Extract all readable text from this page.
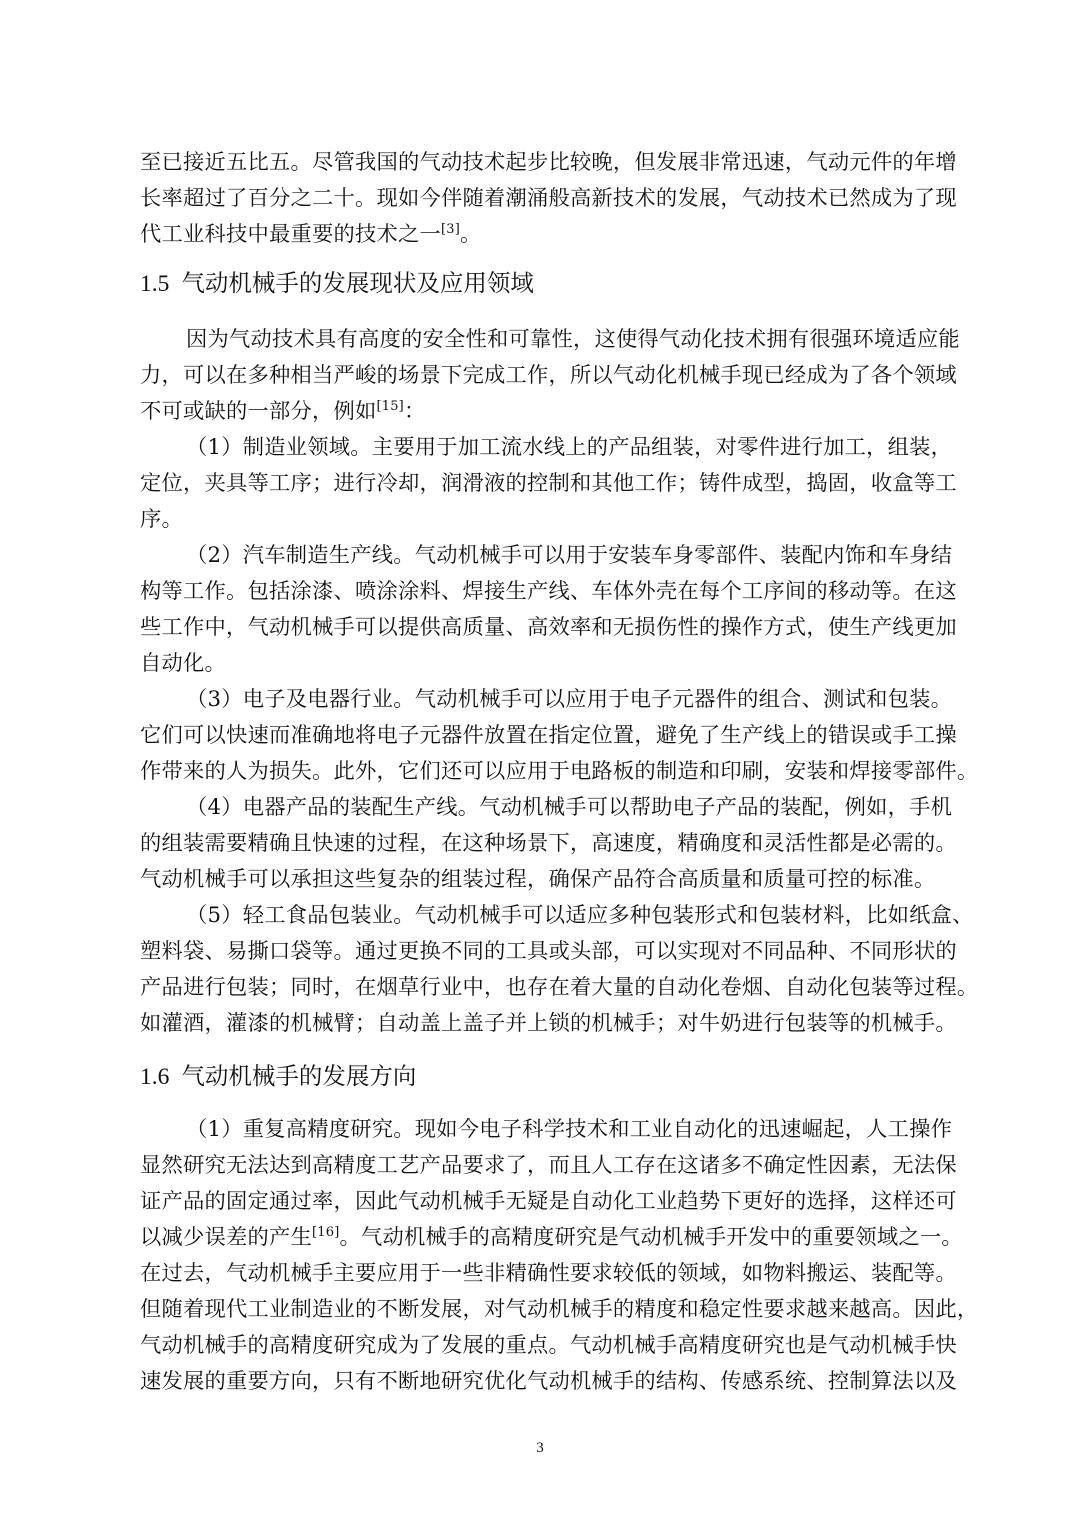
至已接近五比五。尽管我国的气动技术起步比较晚，但发展非常迅速，气动元件的年增
长率超过了百分之二十。现如今伴随着潮涌般高新技术的发展，气动技术已然成为了现
代工业科技中最重要的技术之一[3]。
1.5 气动机械手的发展现状及应用领域
因为气动技术具有高度的安全性和可靠性，这使得气动化技术拥有很强环境适应能
力，可以在多种相当严峻的场景下完成工作，所以气动化机械手现已经成为了各个领域
不可或缺的一部分，例如[15]：
（1）制造业领域。主要用于加工流水线上的产品组装，对零件进行加工，组装，
定位，夹具等工序；进行冷却，润滑液的控制和其他工作；铸件成型，捣固，收盒等工
序。
（2）汽车制造生产线。气动机械手可以用于安装车身零部件、装配内饰和车身结
构等工作。包括涂漆、喷涂涂料、焊接生产线、车体外壳在每个工序间的移动等。在这
些工作中，气动机械手可以提供高质量、高效率和无损伤性的操作方式，使生产线更加
自动化。
（3）电子及电器行业。气动机械手可以应用于电子元器件的组合、测试和包装。
它们可以快速而准确地将电子元器件放置在指定位置，避免了生产线上的错误或手工操
作带来的人为损失。此外，它们还可以应用于电路板的制造和印刷，安装和焊接零部件。
（4）电器产品的装配生产线。气动机械手可以帮助电子产品的装配，例如，手机
的组装需要精确且快速的过程，在这种场景下，高速度，精确度和灵活性都是必需的。
气动机械手可以承担这些复杂的组装过程，确保产品符合高质量和质量可控的标准。
（5）轻工食品包装业。气动机械手可以适应多种包装形式和包装材料，比如纸盒、
塑料袋、易撕口袋等。通过更换不同的工具或头部，可以实现对不同品种、不同形状的
产品进行包装；同时，在烟草行业中，也存在着大量的自动化卷烟、自动化包装等过程。
如灌酒，灌漆的机械臂；自动盖上盖子并上锁的机械手；对牛奶进行包装等的机械手。
1.6 气动机械手的发展方向
（1）重复高精度研究。现如今电子科学技术和工业自动化的迅速崛起，人工操作
显然研究无法达到高精度工艺产品要求了，而且人工存在这诸多不确定性因素，无法保
证产品的固定通过率，因此气动机械手无疑是自动化工业趋势下更好的选择，这样还可
以减少误差的产生[16]。气动机械手的高精度研究是气动机械手开发中的重要领域之一。
在过去，气动机械手主要应用于一些非精确性要求较低的领域，如物料搬运、装配等。
但随着现代工业制造业的不断发展，对气动机械手的精度和稳定性要求越来越高。因此，
气动机械手的高精度研究成为了发展的重点。气动机械手高精度研究也是气动机械手快
速发展的重要方向，只有不断地研究优化气动机械手的结构、传感系统、控制算法以及
3
